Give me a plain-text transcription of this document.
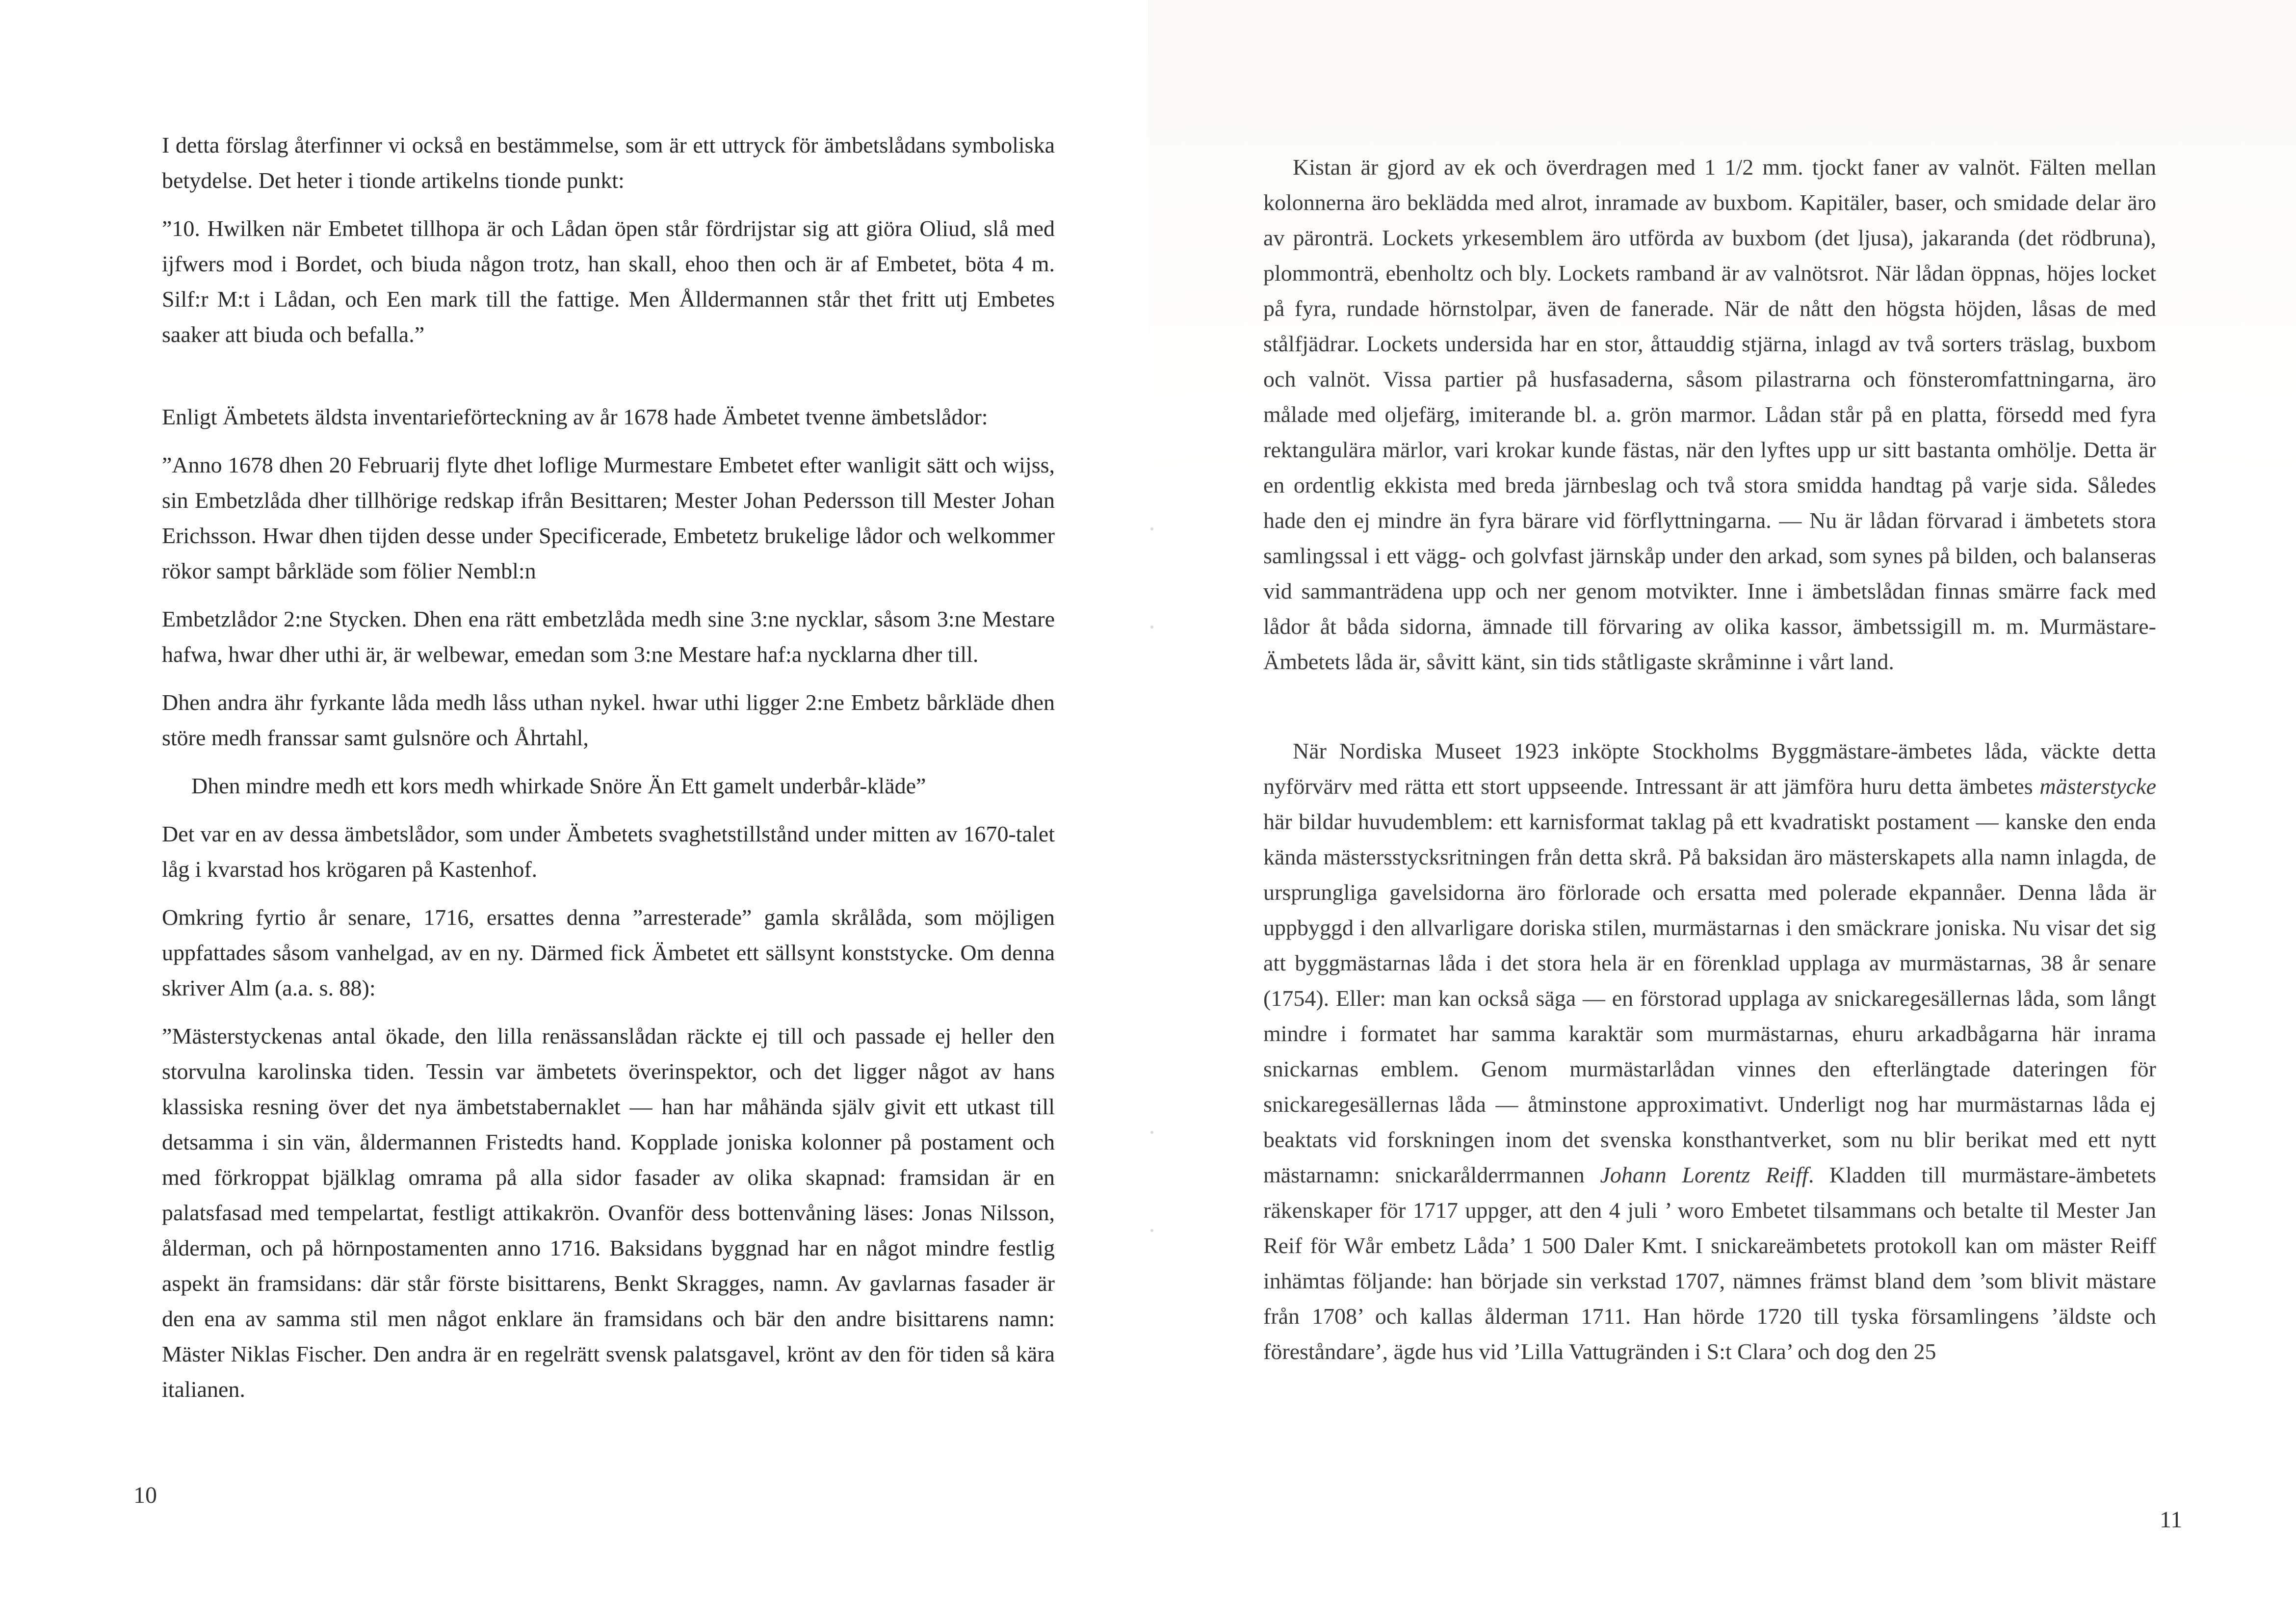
I detta förslag återfinner vi också en bestämmelse, som är ett uttryck för ämbetslådans symboliska betydelse. Det heter i tionde artikelns tionde punkt:

”10. Hwilken när Embetet tillhopa är och Lådan öpen står fördrijstar sig att giöra Oliud, slå med ijfwers mod i Bordet, och biuda någon trotz, han skall, ehoo then och är af Embetet, böta 4 m. Silf:r M:t i Lådan, och Een mark till the fattige. Men Ålldermannen står thet fritt utj Embetes saaker att biuda och befalla.”

Enligt Ämbetets äldsta inventarieförteckning av år 1678 hade Ämbetet tvenne ämbetslådor:

”Anno 1678 dhen 20 Februarij flyte dhet loflige Murmestare Embetet efter wanligit sätt och wijss, sin Embetzlåda dher tillhörige redskap ifrån Besittaren; Mester Johan Pedersson till Mester Johan Erichsson. Hwar dhen tijden desse under Specificerade, Embetetz brukelige lådor och welkommer rökor sampt bårkläde som fölier Nembl:n

Embetzlådor 2:ne Stycken. Dhen ena rätt embetzlåda medh sine 3:ne nycklar, såsom 3:ne Mestare hafwa, hwar dher uthi är, är welbewar, emedan som 3:ne Mestare haf:a nycklarna dher till.

Dhen andra ähr fyrkante låda medh låss uthan nykel. hwar uthi ligger 2:ne Embetz bårkläde dhen störe medh franssar samt gulsnöre och Åhrtahl,

Dhen mindre medh ett kors medh whirkade Snöre Än Ett gamelt underbår-kläde”

Det var en av dessa ämbetslådor, som under Ämbetets svaghetstillstånd under mitten av 1670-talet låg i kvarstad hos krögaren på Kastenhof.

Omkring fyrtio år senare, 1716, ersattes denna ”arresterade” gamla skrålåda, som möjligen uppfattades såsom vanhelgad, av en ny. Därmed fick Ämbetet ett sällsynt konststycke. Om denna skriver Alm (a.a. s. 88):

”Mästerstyckenas antal ökade, den lilla renässanslådan räckte ej till och passade ej heller den storvulna karolinska tiden. Tessin var ämbetets överinspektor, och det ligger något av hans klassiska resning över det nya ämbetstabernaklet — han har måhända själv givit ett utkast till detsamma i sin vän, åldermannen Fristedts hand. Kopplade joniska kolonner på postament och med förkroppat bjälklag omrama på alla sidor fasader av olika skapnad: framsidan är en palatsfasad med tempelartat, festligt attikakrön. Ovanför dess bottenvåning läses: Jonas Nilsson, ålderman, och på hörnpostamenten anno 1716. Baksidans byggnad har en något mindre festlig aspekt än framsidans: där står förste bisittarens, Benkt Skragges, namn. Av gavlarnas fasader är den ena av samma stil men något enklare än framsidans och bär den andre bisittarens namn: Mäster Niklas Fischer. Den andra är en regelrätt svensk palatsgavel, krönt av den för tiden så kära italianen.

10

Kistan är gjord av ek och överdragen med 1 1/2 mm. tjockt faner av valnöt. Fälten mellan kolonnerna äro beklädda med alrot, inramade av buxbom. Kapitäler, baser, och smidade delar äro av päronträ. Lockets yrkesemblem äro utförda av buxbom (det ljusa), jakaranda (det rödbruna), plommonträ, ebenholtz och bly. Lockets ramband är av valnötsrot. När lådan öppnas, höjes locket på fyra, rundade hörnstolpar, även de fanerade. När de nått den högsta höjden, låsas de med stålfjädrar. Lockets undersida har en stor, åttauddig stjärna, inlagd av två sorters träslag, buxbom och valnöt. Vissa partier på husfasaderna, såsom pilastrarna och fönsteromfattningarna, äro målade med oljefärg, imiterande bl. a. grön marmor. Lådan står på en platta, försedd med fyra rektangulära märlor, vari krokar kunde fästas, när den lyftes upp ur sitt bastanta omhölje. Detta är en ordentlig ekkista med breda järnbeslag och två stora smidda handtag på varje sida. Således hade den ej mindre än fyra bärare vid förflyttningarna. — Nu är lådan förvarad i ämbetets stora samlingssal i ett vägg- och golvfast järnskåp under den arkad, som synes på bilden, och balanseras vid sammanträdena upp och ner genom motvikter. Inne i ämbetslådan finnas smärre fack med lådor åt båda sidorna, ämnade till förvaring av olika kassor, ämbetssigill m. m. Murmästare-Ämbetets låda är, såvitt känt, sin tids ståtligaste skråminne i vårt land.

När Nordiska Museet 1923 inköpte Stockholms Byggmästare-ämbetes låda, väckte detta nyförvärv med rätta ett stort uppseende. Intressant är att jämföra huru detta ämbetes mästerstycke här bildar huvudemblem: ett karnisformat taklag på ett kvadratiskt postament — kanske den enda kända mästersstycksritningen från detta skrå. På baksidan äro mästerskapets alla namn inlagda, de ursprungliga gavelsidorna äro förlorade och ersatta med polerade ekpannåer. Denna låda är uppbyggd i den allvarligare doriska stilen, murmästarnas i den smäckrare joniska. Nu visar det sig att byggmästarnas låda i det stora hela är en förenklad upplaga av murmästarnas, 38 år senare (1754). Eller: man kan också säga — en förstorad upplaga av snickaregesällernas låda, som långt mindre i formatet har samma karaktär som murmästarnas, ehuru arkadbågarna här inrama snickarnas emblem. Genom murmästarlådan vinnes den efterlängtade dateringen för snickaregesällernas låda — åtminstone approximativt. Underligt nog har murmästarnas låda ej beaktats vid forskningen inom det svenska konsthantverket, som nu blir berikat med ett nytt mästarnamn: snickarålderrmannen Johann Lorentz Reiff. Kladden till murmästare-ämbetets räkenskaper för 1717 uppger, att den 4 juli ’ woro Embetet tilsammans och betalte til Mester Jan Reif för Wår embetz Låda’ 1 500 Daler Kmt. I snickareämbetets protokoll kan om mäster Reiff inhämtas följande: han började sin verkstad 1707, nämnes främst bland dem ’som blivit mästare från 1708’ och kallas ålderman 1711. Han hörde 1720 till tyska församlingens ’äldste och föreståndare’, ägde hus vid ’Lilla Vattugränden i S:t Clara’ och dog den 25

11
